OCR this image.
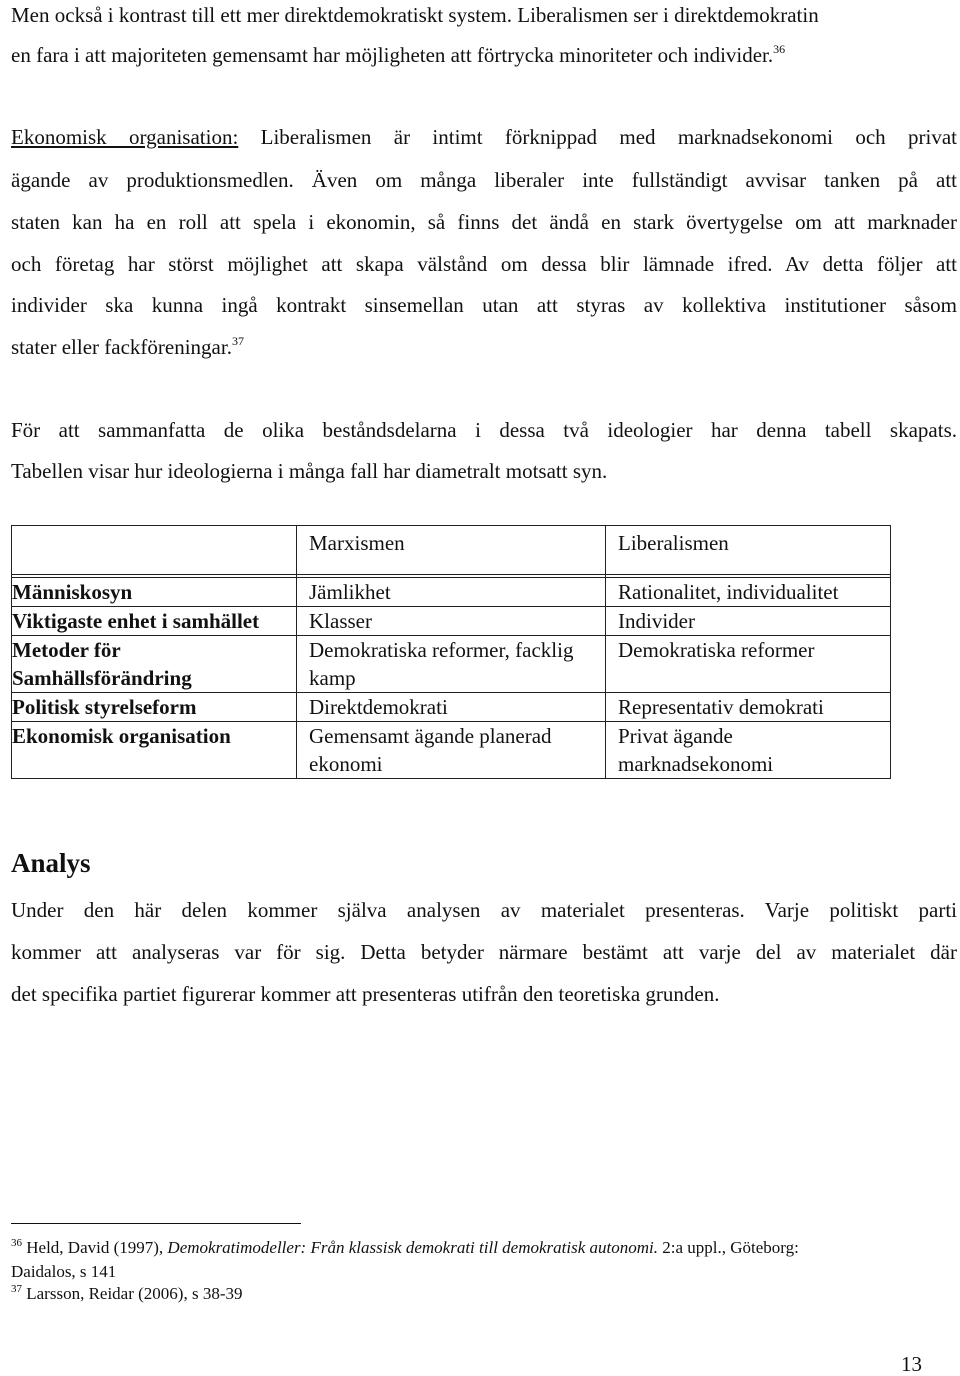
Men också i kontrast till ett mer direktdemokratiskt system. Liberalismen ser i direktdemokratin
en fara i att majoriteten gemensamt har möjligheten att förtrycka minoriteter och individer.$^{36}$
Ekonomisk organisation: Liberalismen är intimt förknippad med marknadsekonomi och privat
ägande av produktionsmedlen. Även om många liberaler inte fullständigt avvisar tanken på att
staten kan ha en roll att spela i ekonomin, så finns det ändå en stark övertygelse om att marknader
och företag har störst möjlighet att skapa välstånd om dessa blir lämnade ifred. Av detta följer att
individer ska kunna ingå kontrakt sinsemellan utan att styras av kollektiva institutioner såsom
stater eller fackföreningar.$^{37}$
För att sammanfatta de olika beståndsdelarna i dessa två ideologier har denna tabell skapats.
Tabellen visar hur ideologierna i många fall har diametralt motsatt syn.
	Marxismen	Liberalismen

Människosyn	Jämlikhet	Rationalitet, individualitet
Viktigaste enhet i samhället	Klasser	Individer
Metoder för Samhällsförändring	Demokratiska reformer, facklig kamp	Demokratiska reformer
Politisk styrelseform	Direktdemokrati	Representativ demokrati
Ekonomisk organisation	Gemensamt ägande planerad ekonomi	Privat ägande marknadsekonomi
Analys
Under den här delen kommer själva analysen av materialet presenteras. Varje politiskt parti
kommer att analyseras var för sig. Detta betyder närmare bestämt att varje del av materialet där
det specifika partiet figurerar kommer att presenteras utifrån den teoretiska grunden.
$^{36}$ Held, David (1997), Demokratimodeller: Från klassisk demokrati till demokratisk autonomi. 2:a uppl., Göteborg:
Daidalos, s 141
$^{37}$ Larsson, Reidar (2006), s 38-39
13
